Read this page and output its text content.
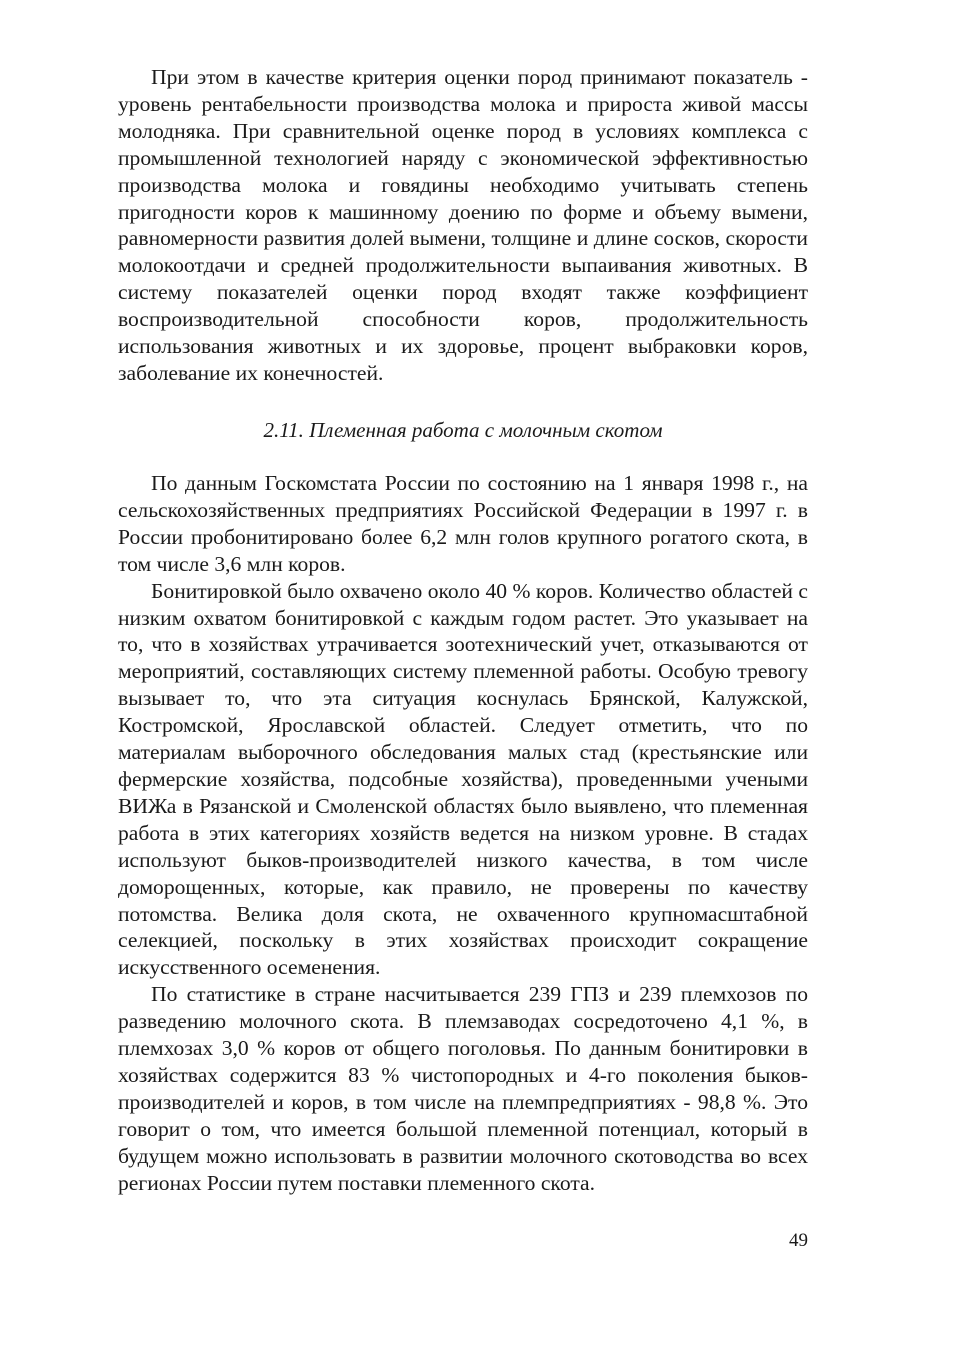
При этом в качестве критерия оценки пород принимают показатель - уровень рентабельности производства молока и прироста живой массы молодняка. При сравнительной оценке пород в условиях комплекса с промышленной технологией наряду с экономической эффективностью производства молока и говядины необходимо учитывать степень пригодности коров к машинному доению по форме и объему вымени, равномерности развития долей вымени, толщине и длине сосков, скорости молокоотдачи и средней продолжительности выпаивания животных. В систему показателей оценки пород входят также коэффициент воспроизводительной способности коров, продолжительность использования животных и их здоровье, процент выбраковки коров, заболевание их конечностей.

2.11. Племенная работа с молочным скотом

По данным Госкомстата России по состоянию на 1 января 1998 г., на сельскохозяйственных предприятиях Российской Федерации в 1997 г. в России пробонитировано более 6,2 млн голов крупного рогатого скота, в том числе 3,6 млн коров.

Бонитировкой было охвачено около 40 % коров. Количество областей с низким охватом бонитировкой с каждым годом растет. Это указывает на то, что в хозяйствах утрачивается зоотехнический учет, отказываются от мероприятий, составляющих систему племенной работы. Особую тревогу вызывает то, что эта ситуация коснулась Брянской, Калужской, Костромской, Ярославской областей. Следует отметить, что по материалам выборочного обследования малых стад (крестьянские или фермерские хозяйства, подсобные хозяйства), проведенными учеными ВИЖа в Рязанской и Смоленской областях было выявлено, что племенная работа в этих категориях хозяйств ведется на низком уровне. В стадах используют быков-производителей низкого качества, в том числе доморощенных, которые, как правило, не проверены по качеству потомства. Велика доля скота, не охваченного крупномасштабной селекцией, поскольку в этих хозяйствах происходит сокращение искусственного осеменения.

По статистике в стране насчитывается 239 ГПЗ и 239 племхозов по разведению молочного скота. В племзаводах сосредоточено 4,1 %, в племхозах 3,0 % коров от общего поголовья. По данным бонитировки в хозяйствах содержится 83 % чистопородных и 4-го поколения быков-производителей и коров, в том числе на племпредприятиях - 98,8 %. Это говорит о том, что имеется большой племенной потенциал, который в будущем можно использовать в развитии молочного скотоводства во всех регионах России путем поставки племенного скота.

49
